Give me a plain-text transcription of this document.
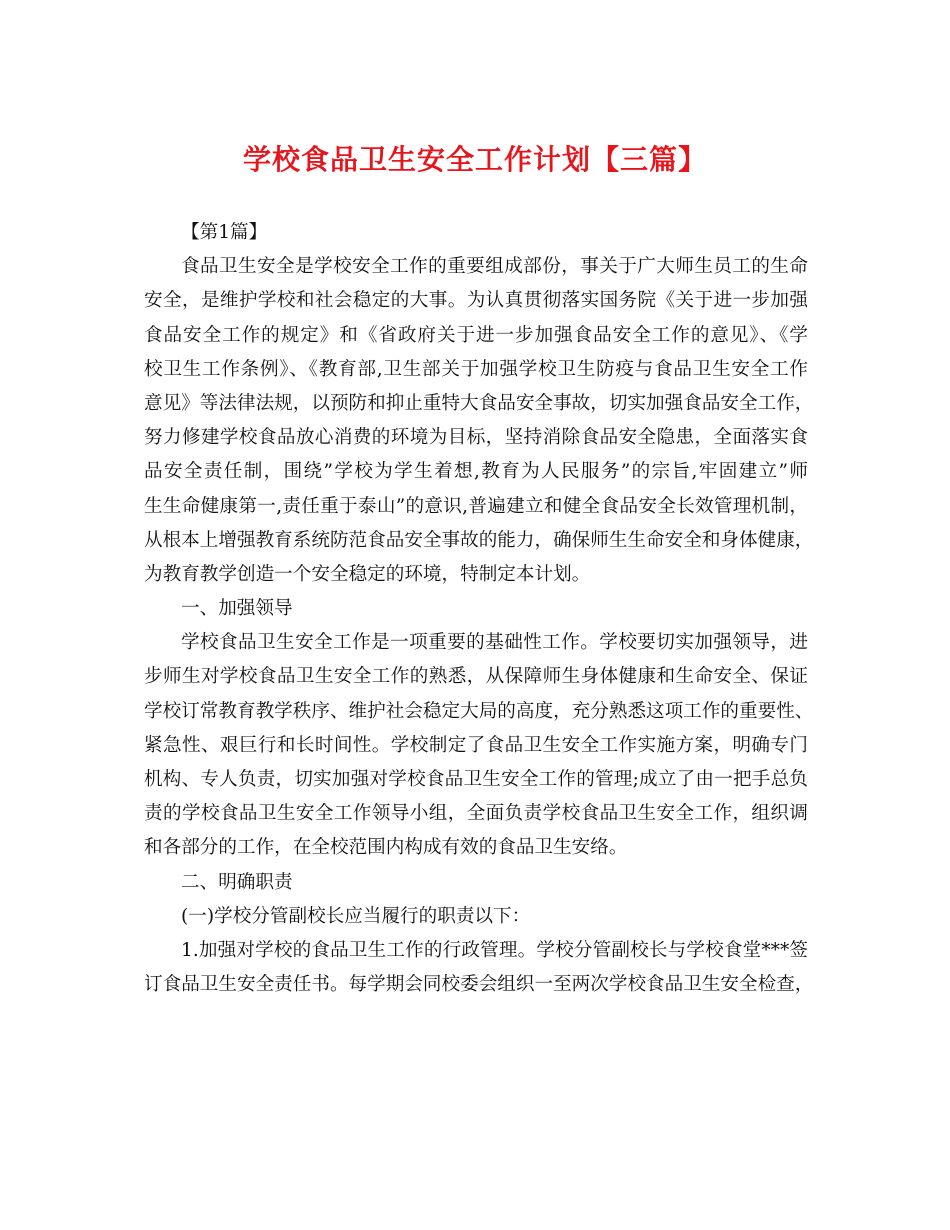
学校食品卫生安全工作计划【三篇】
【第1篇】
食品卫生安全是学校安全工作的重要组成部份，事关于广大师生员工的生命
安全，是维护学校和社会稳定的大事。为认真贯彻落实国务院《关于进一步加强
食品安全工作的规定》和《省政府关于进一步加强食品安全工作的意见》、《学
校卫生工作条例》、《教育部,卫生部关于加强学校卫生防疫与食品卫生安全工作
意见》等法律法规，以预防和抑止重特大食品安全事故，切实加强食品安全工作，
努力修建学校食品放心消费的环境为目标，坚持消除食品安全隐患，全面落实食
品安全责任制，围绕”学校为学生着想,教育为人民服务”的宗旨,牢固建立”师
生生命健康第一,责任重于泰山”的意识,普遍建立和健全食品安全长效管理机制，
从根本上增强教育系统防范食品安全事故的能力，确保师生生命安全和身体健康，
为教育教学创造一个安全稳定的环境，特制定本计划。
一、加强领导
学校食品卫生安全工作是一项重要的基础性工作。学校要切实加强领导，进
步师生对学校食品卫生安全工作的熟悉，从保障师生身体健康和生命安全、保证
学校订常教育教学秩序、维护社会稳定大局的高度，充分熟悉这项工作的重要性、
紧急性、艰巨行和长时间性。学校制定了食品卫生安全工作实施方案，明确专门
机构、专人负责，切实加强对学校食品卫生安全工作的管理;成立了由一把手总负
责的学校食品卫生安全工作领导小组，全面负责学校食品卫生安全工作，组织调
和各部分的工作，在全校范围内构成有效的食品卫生安络。
二、明确职责
(一)学校分管副校长应当履行的职责以下：
1.加强对学校的食品卫生工作的行政管理。学校分管副校长与学校食堂***签
订食品卫生安全责任书。每学期会同校委会组织一至两次学校食品卫生安全检查，
